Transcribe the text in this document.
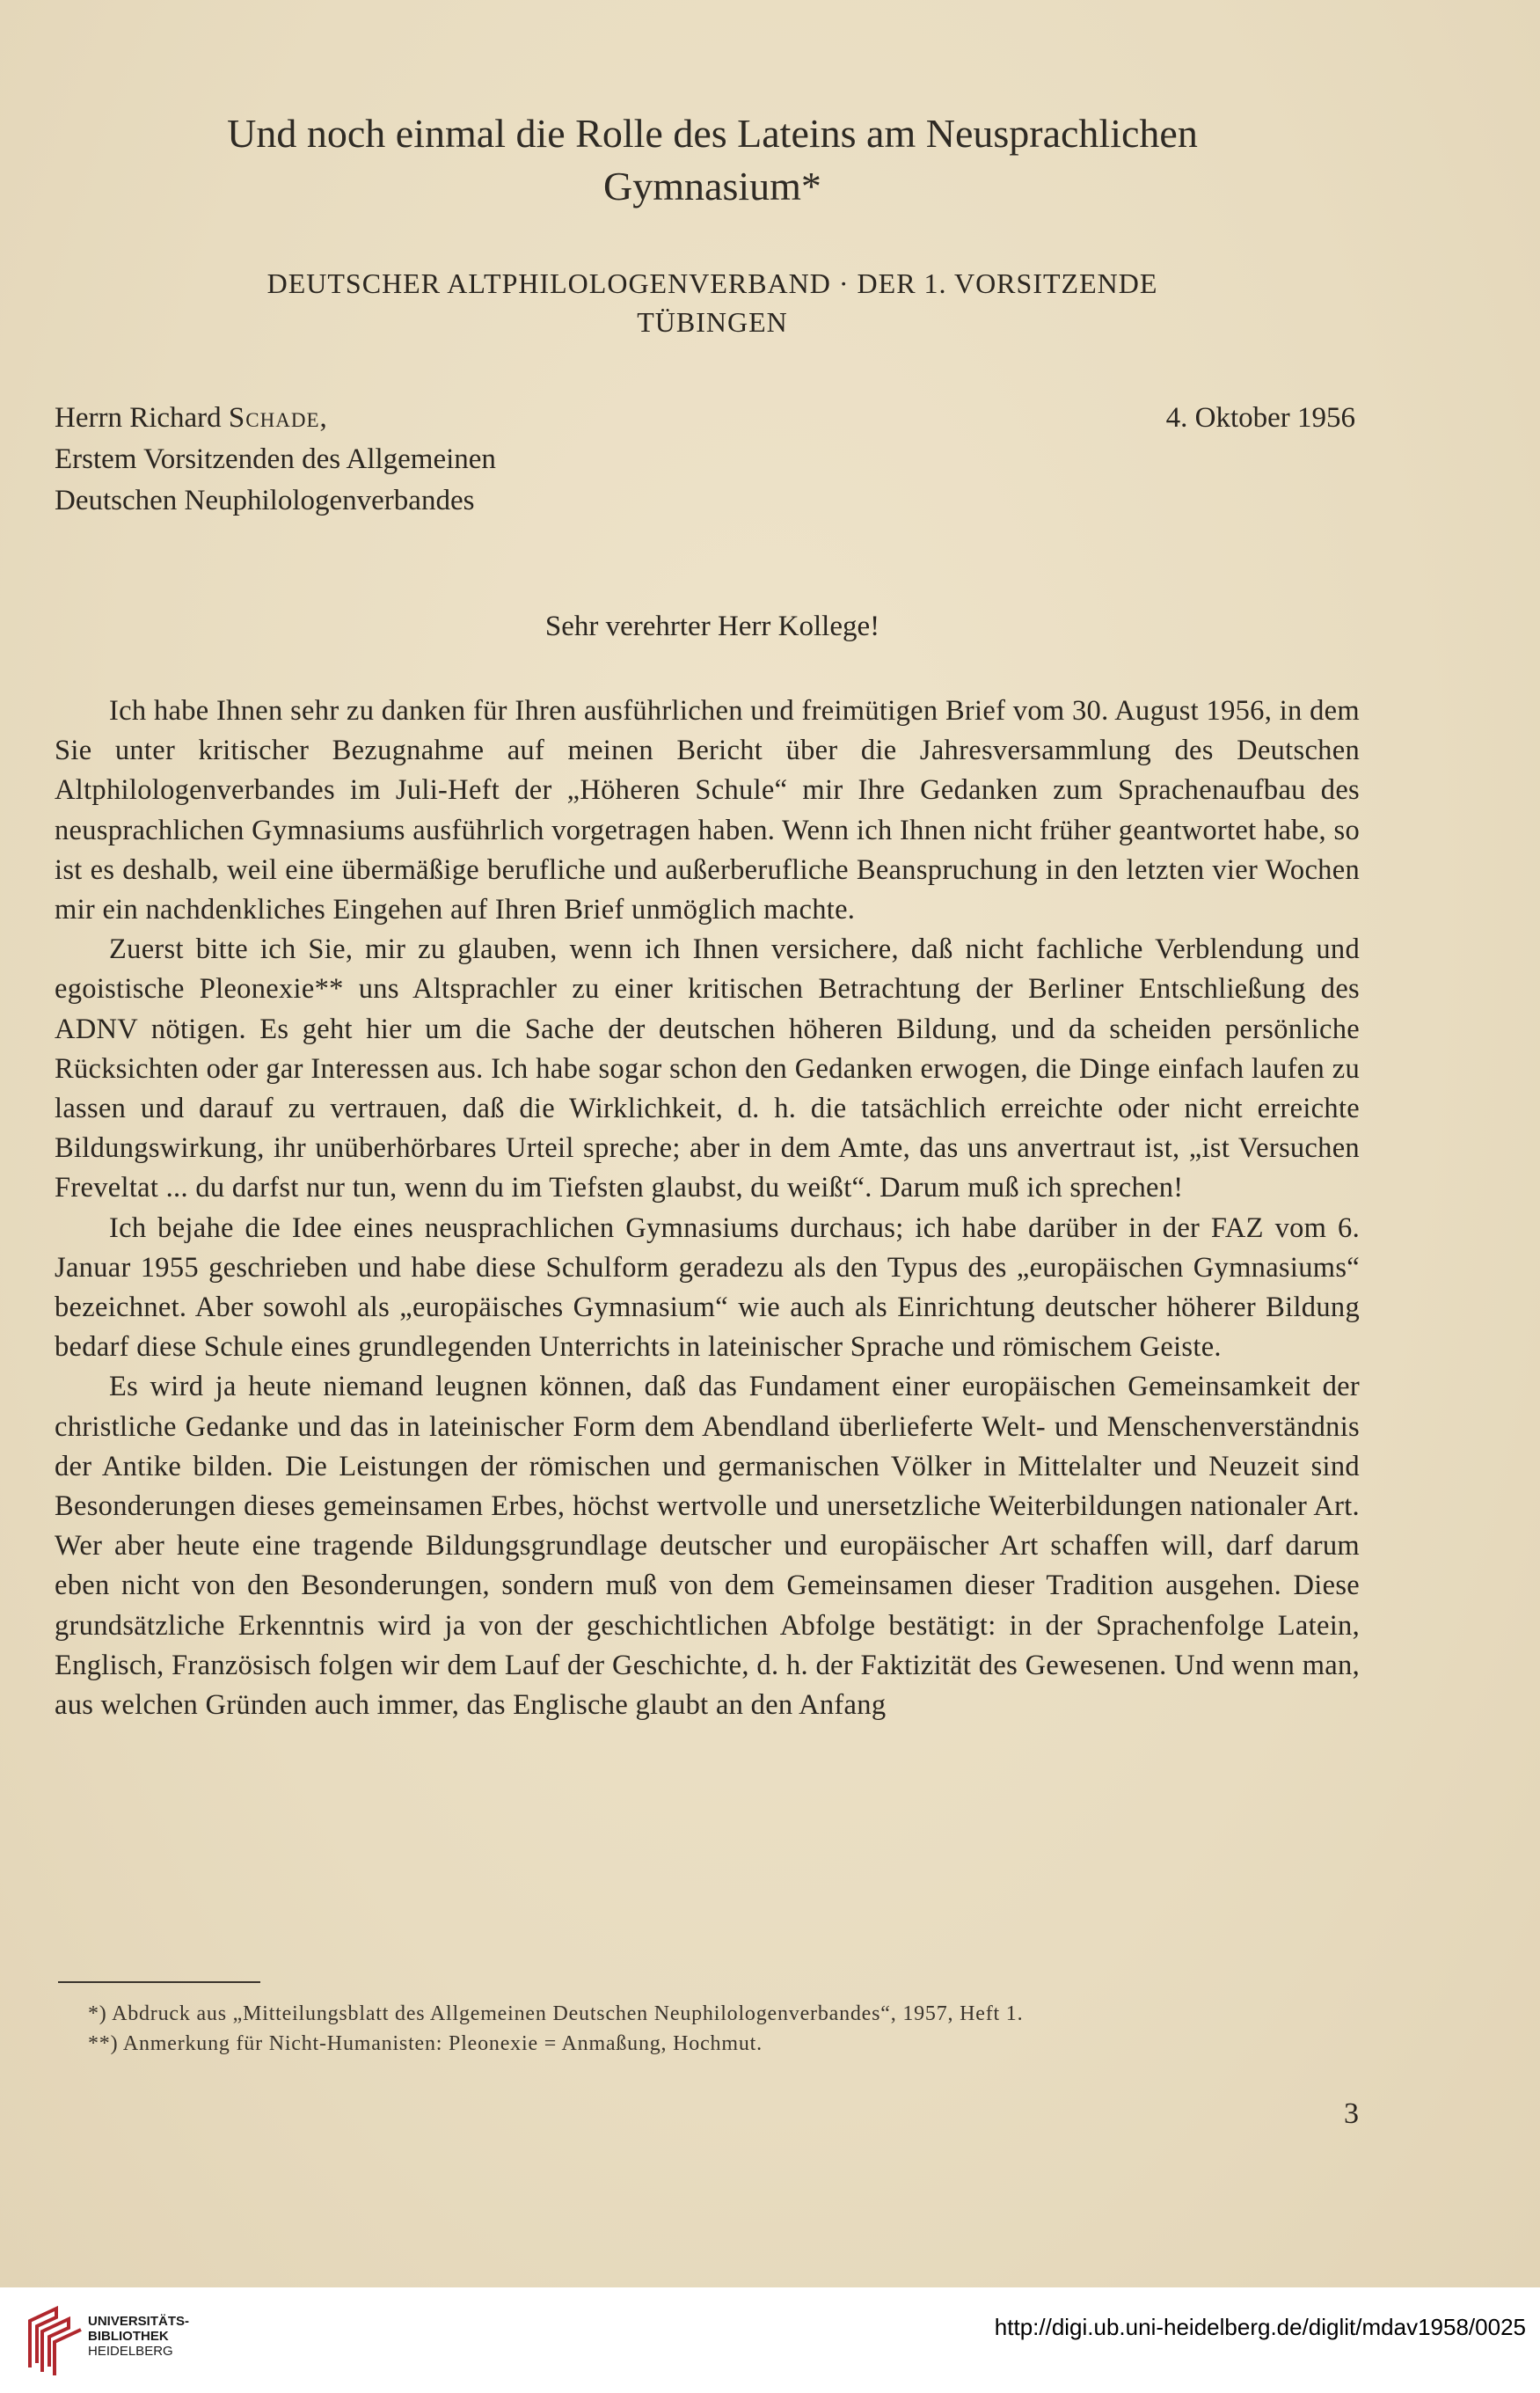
Und noch einmal die Rolle des Lateins am Neusprachlichen
Gymnasium*
DEUTSCHER ALTPHILOLOGENVERBAND · DER 1. VORSITZENDE
TÜBINGEN
Herrn Richard Schade,
Erstem Vorsitzenden des Allgemeinen
Deutschen Neuphilologenverbandes
4. Oktober 1956
Sehr verehrter Herr Kollege!

Ich habe Ihnen sehr zu danken für Ihren ausführlichen und freimütigen Brief vom 30. August 1956, in dem Sie unter kritischer Bezugnahme auf meinen Bericht über die Jahresversammlung des Deutschen Altphilologenverbandes im Juli-Heft der „Höheren Schule“ mir Ihre Gedanken zum Sprachenaufbau des neusprachlichen Gymnasiums ausführlich vorgetragen haben. Wenn ich Ihnen nicht früher geantwortet habe, so ist es deshalb, weil eine übermäßige berufliche und außerberufliche Beanspruchung in den letzten vier Wochen mir ein nachdenkliches Eingehen auf Ihren Brief unmöglich machte.

Zuerst bitte ich Sie, mir zu glauben, wenn ich Ihnen versichere, daß nicht fachliche Verblendung und egoistische Pleonexie** uns Altsprachler zu einer kritischen Betrachtung der Berliner Entschließung des ADNV nötigen. Es geht hier um die Sache der deutschen höheren Bildung, und da scheiden persönliche Rücksichten oder gar Interessen aus. Ich habe sogar schon den Gedanken erwogen, die Dinge einfach laufen zu lassen und darauf zu vertrauen, daß die Wirklichkeit, d. h. die tatsächlich erreichte oder nicht erreichte Bildungswirkung, ihr unüberhörbares Urteil spreche; aber in dem Amte, das uns anvertraut ist, „ist Versuchen Freveltat ... du darfst nur tun, wenn du im Tiefsten glaubst, du weißt“. Darum muß ich sprechen!

Ich bejahe die Idee eines neusprachlichen Gymnasiums durchaus; ich habe darüber in der FAZ vom 6. Januar 1955 geschrieben und habe diese Schulform geradezu als den Typus des „europäischen Gymnasiums“ bezeichnet. Aber sowohl als „europäisches Gymnasium“ wie auch als Einrichtung deutscher höherer Bildung bedarf diese Schule eines grundlegenden Unterrichts in lateinischer Sprache und römischem Geiste.

Es wird ja heute niemand leugnen können, daß das Fundament einer europäischen Gemeinsamkeit der christliche Gedanke und das in lateinischer Form dem Abendland überlieferte Welt- und Menschenverständnis der Antike bilden. Die Leistungen der römischen und germanischen Völker in Mittelalter und Neuzeit sind Besonderungen dieses gemeinsamen Erbes, höchst wertvolle und unersetzliche Weiterbildungen nationaler Art. Wer aber heute eine tragende Bildungsgrundlage deutscher und europäischer Art schaffen will, darf darum eben nicht von den Besonderungen, sondern muß von dem Gemeinsamen dieser Tradition ausgehen. Diese grundsätzliche Erkenntnis wird ja von der geschichtlichen Abfolge bestätigt: in der Sprachenfolge Latein, Englisch, Französisch folgen wir dem Lauf der Geschichte, d. h. der Faktizität des Gewesenen. Und wenn man, aus welchen Gründen auch immer, das Englische glaubt an den Anfang

*) Abdruck aus „Mitteilungsblatt des Allgemeinen Deutschen Neuphilologenverbandes“, 1957, Heft 1.
**) Anmerkung für Nicht-Humanisten: Pleonexie = Anmaßung, Hochmut.
3
UNIVERSITÄTS-
BIBLIOTHEK
HEIDELBERG
http://digi.ub.uni-heidelberg.de/diglit/mdav1958/0025
